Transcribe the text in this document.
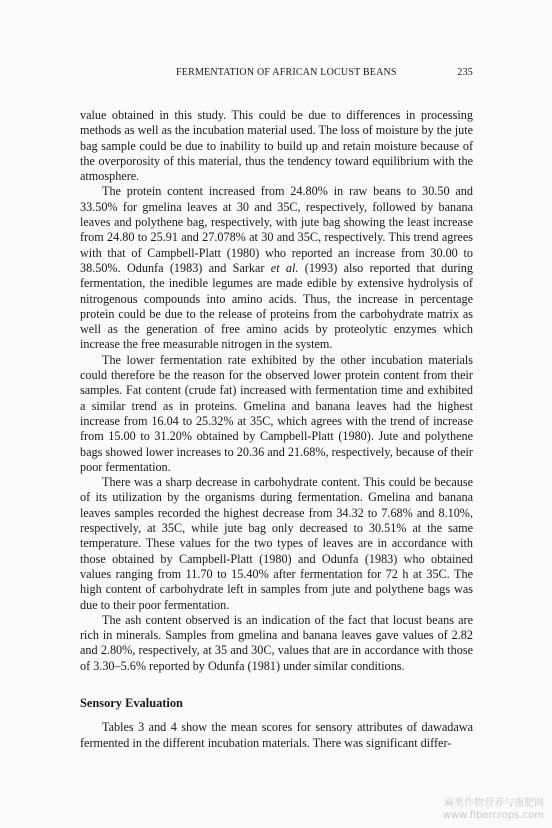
FERMENTATION OF AFRICAN LOCUST BEANS	235

value obtained in this study. This could be due to differences in processing methods as well as the incubation material used. The loss of moisture by the jute bag sample could be due to inability to build up and retain moisture because of the overporosity of this material, thus the tendency toward equilibrium with the atmosphere.

The protein content increased from 24.80% in raw beans to 30.50 and 33.50% for gmelina leaves at 30 and 35C, respectively, followed by banana leaves and polythene bag, respectively, with jute bag showing the least increase from 24.80 to 25.91 and 27.078% at 30 and 35C, respectively. This trend agrees with that of Campbell-Platt (1980) who reported an increase from 30.00 to 38.50%. Odunfa (1983) and Sarkar et al. (1993) also reported that during fermentation, the inedible legumes are made edible by extensive hydrolysis of nitrogenous compounds into amino acids. Thus, the increase in percentage protein could be due to the release of proteins from the carbohydrate matrix as well as the generation of free amino acids by proteolytic enzymes which increase the free measurable nitrogen in the system.

The lower fermentation rate exhibited by the other incubation materials could therefore be the reason for the observed lower protein content from their samples. Fat content (crude fat) increased with fermentation time and exhibited a similar trend as in proteins. Gmelina and banana leaves had the highest increase from 16.04 to 25.32% at 35C, which agrees with the trend of increase from 15.00 to 31.20% obtained by Campbell-Platt (1980). Jute and polythene bags showed lower increases to 20.36 and 21.68%, respectively, because of their poor fermentation.

There was a sharp decrease in carbohydrate content. This could be because of its utilization by the organisms during fermentation. Gmelina and banana leaves samples recorded the highest decrease from 34.32 to 7.68% and 8.10%, respectively, at 35C, while jute bag only decreased to 30.51% at the same temperature. These values for the two types of leaves are in accordance with those obtained by Campbell-Platt (1980) and Odunfa (1983) who obtained values ranging from 11.70 to 15.40% after fermentation for 72 h at 35C. The high content of carbohydrate left in samples from jute and polythene bags was due to their poor fermentation.

The ash content observed is an indication of the fact that locust beans are rich in minerals. Samples from gmelina and banana leaves gave values of 2.82 and 2.80%, respectively, at 35 and 30C, values that are in accordance with those of 3.30–5.6% reported by Odunfa (1981) under similar conditions.

Sensory Evaluation

Tables 3 and 4 show the mean scores for sensory attributes of dawadawa fermented in the different incubation materials. There was significant differ-

麻类作物营养与施肥网
www.fibercrops.com
